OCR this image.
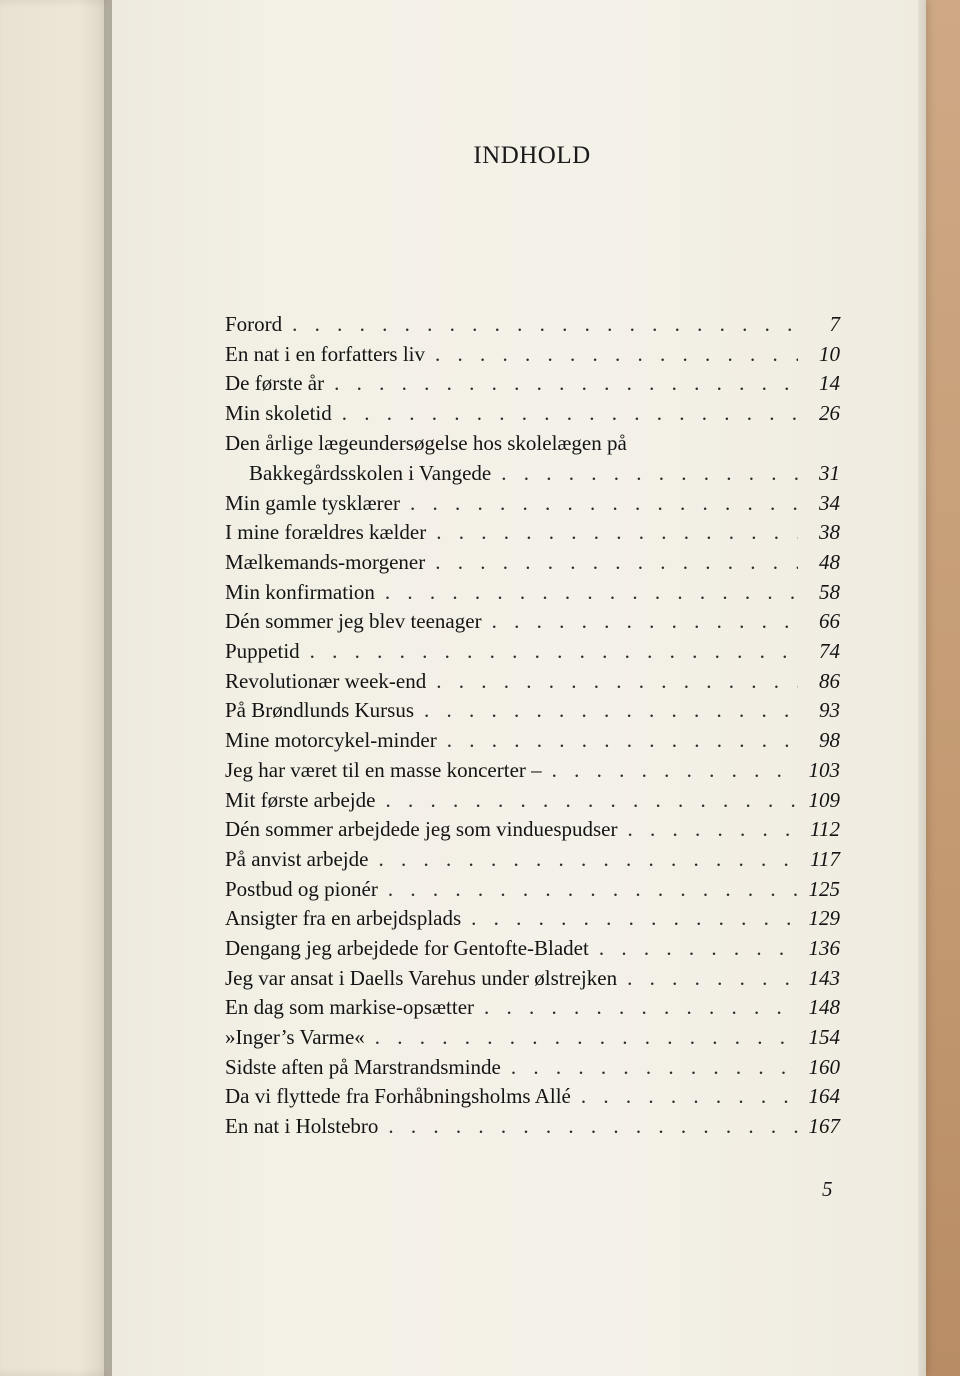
INDHOLD
Forord . . .	7
En nat i en forfatters liv . . .	10
De første år . . .	14
Min skoletid . . .	26
Den årlige lægeundersøgelse hos skolelægen på
Bakkegårdsskolen i Vangede . . .	31
Min gamle tysklærer . . .	34
I mine forældres kælder . . .	38
Mælkemands-morgener . . .	48
Min konfirmation . . .	58
Dén sommer jeg blev teenager . . .	66
Puppetid . . .	74
Revolutionær week-end . . .	86
På Brøndlunds Kursus . . .	93
Mine motorcykel-minder . . .	98
Jeg har været til en masse koncerter – . . .	103
Mit første arbejde . . .	109
Dén sommer arbejdede jeg som vinduespudser . . .	112
På anvist arbejde . . .	117
Postbud og pionér . . .	125
Ansigter fra en arbejdsplads . . .	129
Dengang jeg arbejdede for Gentofte-Bladet . . .	136
Jeg var ansat i Daells Varehus under ølstrejken . . .	143
En dag som markise-opsætter . . .	148
»Inger’s Varme« . . .	154
Sidste aften på Marstrandsminde . . .	160
Da vi flyttede fra Forhåbningsholms Allé . . .	164
En nat i Holstebro . . .	167
5
